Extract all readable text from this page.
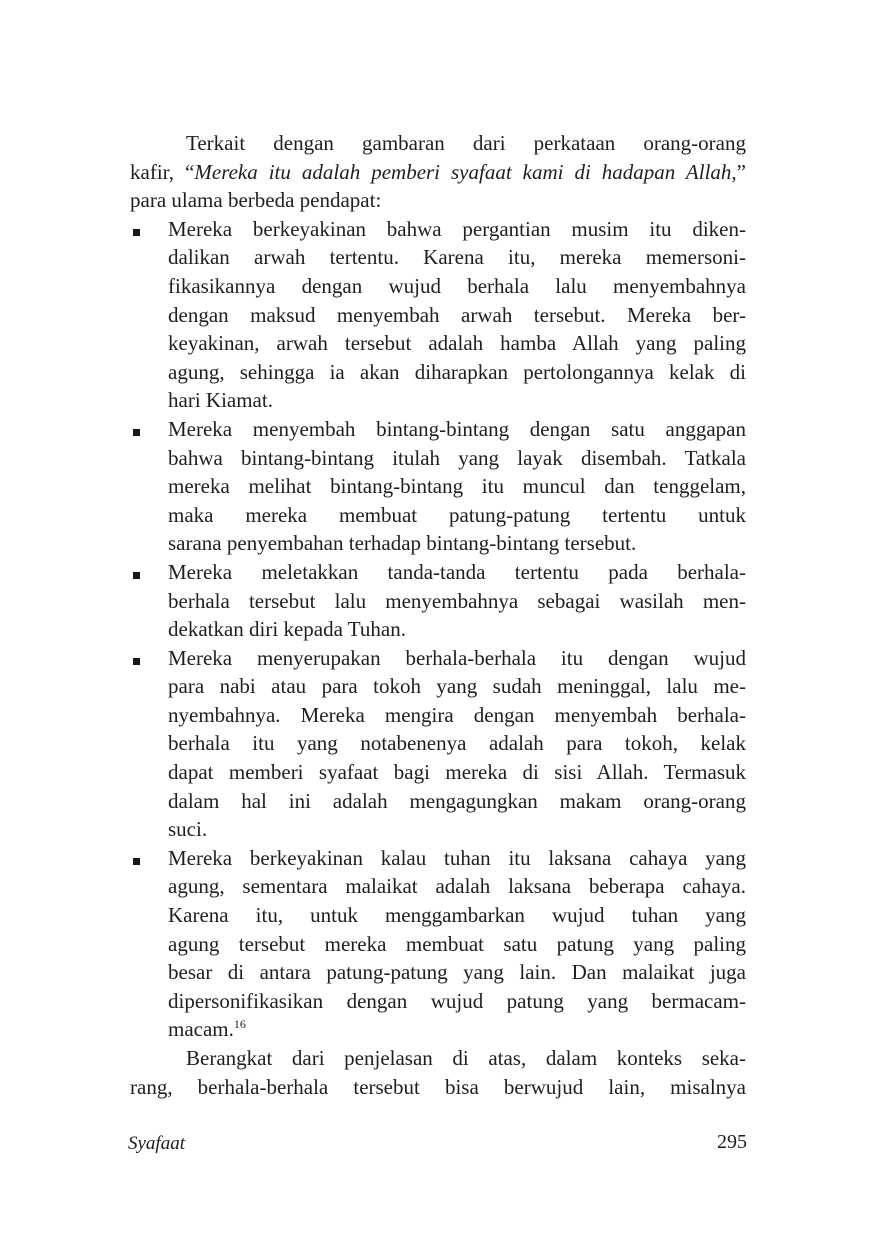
Terkait dengan gambaran dari perkataan orang-orang
kafir, “Mereka itu adalah pemberi syafaat kami di hadapan Allah,”
para ulama berbeda pendapat:
Mereka berkeyakinan bahwa pergantian musim itu diken-
dalikan arwah tertentu. Karena itu, mereka memersoni-
fikasikannya dengan wujud berhala lalu menyembahnya
dengan maksud menyembah arwah tersebut. Mereka ber-
keyakinan, arwah tersebut adalah hamba Allah yang paling
agung, sehingga ia akan diharapkan pertolongannya kelak di
hari Kiamat.
Mereka menyembah bintang-bintang dengan satu anggapan
bahwa bintang-bintang itulah yang layak disembah. Tatkala
mereka melihat bintang-bintang itu muncul dan tenggelam,
maka mereka membuat patung-patung tertentu untuk
sarana penyembahan terhadap bintang-bintang tersebut.
Mereka meletakkan tanda-tanda tertentu pada berhala-
berhala tersebut lalu menyembahnya sebagai wasilah men-
dekatkan diri kepada Tuhan.
Mereka menyerupakan berhala-berhala itu dengan wujud
para nabi atau para tokoh yang sudah meninggal, lalu me-
nyembahnya. Mereka mengira dengan menyembah berhala-
berhala itu yang notabenenya adalah para tokoh, kelak
dapat memberi syafaat bagi mereka di sisi Allah. Termasuk
dalam hal ini adalah mengagungkan makam orang-orang
suci.
Mereka berkeyakinan kalau tuhan itu laksana cahaya yang
agung, sementara malaikat adalah laksana beberapa cahaya.
Karena itu, untuk menggambarkan wujud tuhan yang
agung tersebut mereka membuat satu patung yang paling
besar di antara patung-patung yang lain. Dan malaikat juga
dipersonifikasikan dengan wujud patung yang bermacam-
macam.$^{16}$
Berangkat dari penjelasan di atas, dalam konteks seka-
rang, berhala-berhala tersebut bisa berwujud lain, misalnya
Syafaat	295
